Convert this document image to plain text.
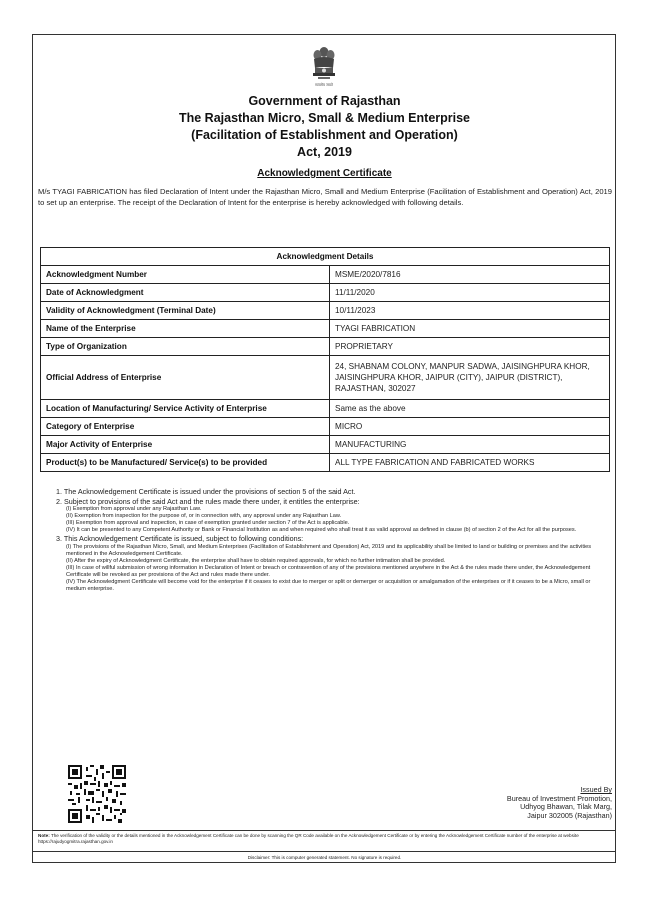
सत्यमेव जयते
Government of Rajasthan
The Rajasthan Micro, Small & Medium Enterprise
(Facilitation of Establishment and Operation)
Act, 2019
Acknowledgment Certificate
M/s TYAGI FABRICATION has filed Declaration of Intent under the Rajasthan Micro, Small and Medium Enterprise (Facilitation of Establishment and Operation) Act, 2019 to set up an enterprise. The receipt of the Declaration of Intent for the enterprise is hereby acknowledged with following details.
Acknowledgment Details	
Acknowledgment Number	MSME/2020/7816
Date of Acknowledgment	11/11/2020
Validity of Acknowledgment (Terminal Date)	10/11/2023
Name of the Enterprise	TYAGI FABRICATION
Type of Organization	PROPRIETARY
Official Address of Enterprise	24, SHABNAM COLONY, MANPUR SADWA, JAISINGHPURA KHOR, JAISINGHPURA KHOR, JAIPUR (CITY), JAIPUR (DISTRICT), RAJASTHAN, 302027
Location of Manufacturing/ Service Activity of Enterprise	Same as the above
Category of Enterprise	MICRO
Major Activity of Enterprise	MANUFACTURING
Product(s) to be Manufactured/ Service(s) to be provided	ALL TYPE FABRICATION AND FABRICATED WORKS

1. The Acknowledgement Certificate is issued under the provisions of section 5 of the said Act.

2. Subject to provisions of the said Act and the rules made there under, it entitles the enterprise:

(I) Exemption from approval under any Rajasthan Law.

(II) Exemption from inspection for the purpose of, or in connection with, any approval under any Rajasthan Law.

(III) Exemption from approval and inspection, in case of exemption granted under section 7 of the Act is applicable.

(IV) It can be presented to any Competent Authority or Bank or Financial Institution as and when required who shall treat it as valid approval as defined in clause (b) of section 2 of the Act for all the purposes.

3. This Acknowledgement Certificate is issued, subject to following conditions:

(I) The provisions of the Rajasthan Micro, Small, and Medium Enterprises (Facilitation of Establishment and Operation) Act, 2019 and its applicability shall be limited to land or building or premises and the activities mentioned in the Acknowledgement Certificate.

(II) After the expiry of Acknowledgment Certificate, the enterprise shall have to obtain required approvals, for which no further intimation shall be provided.

(III) In case of willful submission of wrong information in Declaration of Intent or breach or contravention of any of the provisions mentioned anywhere in the Act & the rules made there under, the Acknowledgement Certificate will be revoked as per provisions of the Act and rules made there under.

(IV) The Acknowledgment Certificate will become void for the enterprise if it ceases to exist due to merger or split or demerger or acquisition or amalgamation of the enterprises or if it ceases to be a Micro, small or medium enterprise.

Issued By
Bureau of Investment Promotion,
Udhyog Bhawan, Tilak Marg,
Jaipur 302005 (Rajasthan)
Note: The verification of the validity or the details mentioned in the Acknowledgement Certificate can be done by scanning the QR Code available on the Acknowledgement Certificate or by entering the Acknowledgement Certificate number of the enterprise at website https://rajudyogmitra.rajasthan.gov.in
Disclaimer: This is computer generated statement. No signature is required.
